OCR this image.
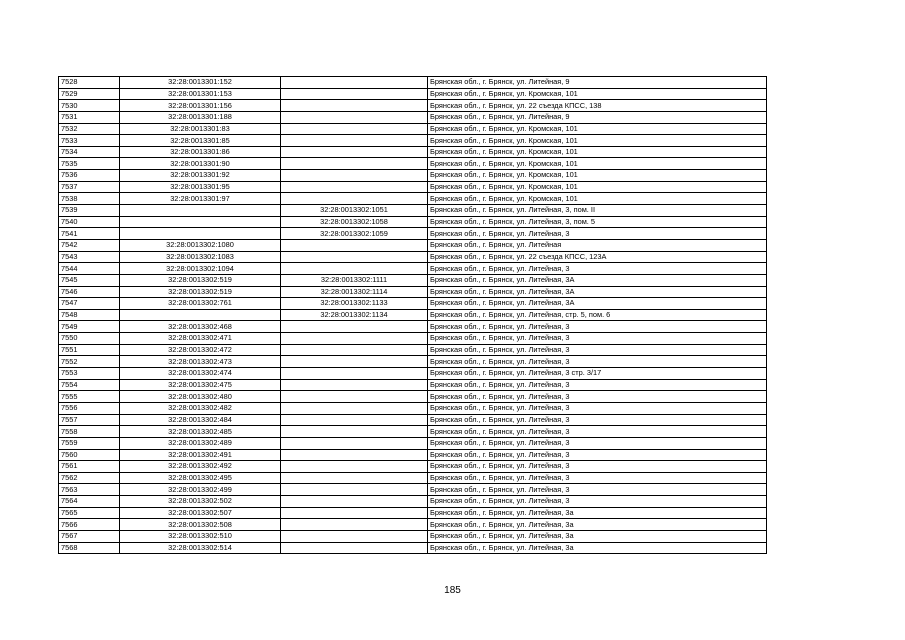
7528	32:28:0013301:152		Брянская обл., г. Брянск, ул. Литейная, 9
7529	32:28:0013301:153		Брянская обл., г. Брянск, ул. Кромская, 101
7530	32:28:0013301:156		Брянская обл., г. Брянск, ул. 22 съезда КПСС, 138
7531	32:28:0013301:188		Брянская обл., г. Брянск, ул. Литейная, 9
7532	32:28:0013301:83		Брянская обл., г. Брянск, ул. Кромская, 101
7533	32:28:0013301:85		Брянская обл., г. Брянск, ул. Кромская, 101
7534	32:28:0013301:86		Брянская обл., г. Брянск, ул. Кромская, 101
7535	32:28:0013301:90		Брянская обл., г. Брянск, ул. Кромская, 101
7536	32:28:0013301:92		Брянская обл., г. Брянск, ул. Кромская, 101
7537	32:28:0013301:95		Брянская обл., г. Брянск, ул. Кромская, 101
7538	32:28:0013301:97		Брянская обл., г. Брянск, ул. Кромская, 101
7539		32:28:0013302:1051	Брянская обл., г. Брянск, ул. Литейная, 3, пом. II
7540		32:28:0013302:1058	Брянская обл., г. Брянск, ул. Литейная, 3, пом. 5
7541		32:28:0013302:1059	Брянская обл., г. Брянск, ул. Литейная, 3
7542	32:28:0013302:1080		Брянская обл., г. Брянск, ул. Литейная
7543	32:28:0013302:1083		Брянская обл., г. Брянск, ул. 22 съезда КПСС, 123А
7544	32:28:0013302:1094		Брянская обл., г. Брянск, ул. Литейная, 3
7545	32:28:0013302:519	32:28:0013302:1111	Брянская обл., г. Брянск, ул. Литейная, 3А
7546	32:28:0013302:519	32:28:0013302:1114	Брянская обл., г. Брянск, ул. Литейная, 3А
7547	32:28:0013302:761	32:28:0013302:1133	Брянская обл., г. Брянск, ул. Литейная, 3А
7548		32:28:0013302:1134	Брянская обл., г. Брянск, ул. Литейная, стр. 5, пом. 6
7549	32:28:0013302:468		Брянская обл., г. Брянск, ул. Литейная, 3
7550	32:28:0013302:471		Брянская обл., г. Брянск, ул. Литейная, 3
7551	32:28:0013302:472		Брянская обл., г. Брянск, ул. Литейная, 3
7552	32:28:0013302:473		Брянская обл., г. Брянск, ул. Литейная, 3
7553	32:28:0013302:474		Брянская обл., г. Брянск, ул. Литейная, 3 стр. 3/17
7554	32:28:0013302:475		Брянская обл., г. Брянск, ул. Литейная, 3
7555	32:28:0013302:480		Брянская обл., г. Брянск, ул. Литейная, 3
7556	32:28:0013302:482		Брянская обл., г. Брянск, ул. Литейная, 3
7557	32:28:0013302:484		Брянская обл., г. Брянск, ул. Литейная, 3
7558	32:28:0013302:485		Брянская обл., г. Брянск, ул. Литейная, 3
7559	32:28:0013302:489		Брянская обл., г. Брянск, ул. Литейная, 3
7560	32:28:0013302:491		Брянская обл., г. Брянск, ул. Литейная, 3
7561	32:28:0013302:492		Брянская обл., г. Брянск, ул. Литейная, 3
7562	32:28:0013302:495		Брянская обл., г. Брянск, ул. Литейная, 3
7563	32:28:0013302:499		Брянская обл., г. Брянск, ул. Литейная, 3
7564	32:28:0013302:502		Брянская обл., г. Брянск, ул. Литейная, 3
7565	32:28:0013302:507		Брянская обл., г. Брянск, ул. Литейная, 3а
7566	32:28:0013302:508		Брянская обл., г. Брянск, ул. Литейная, 3а
7567	32:28:0013302:510		Брянская обл., г. Брянск, ул. Литейная, 3а
7568	32:28:0013302:514		Брянская обл., г. Брянск, ул. Литейная, 3а
185
